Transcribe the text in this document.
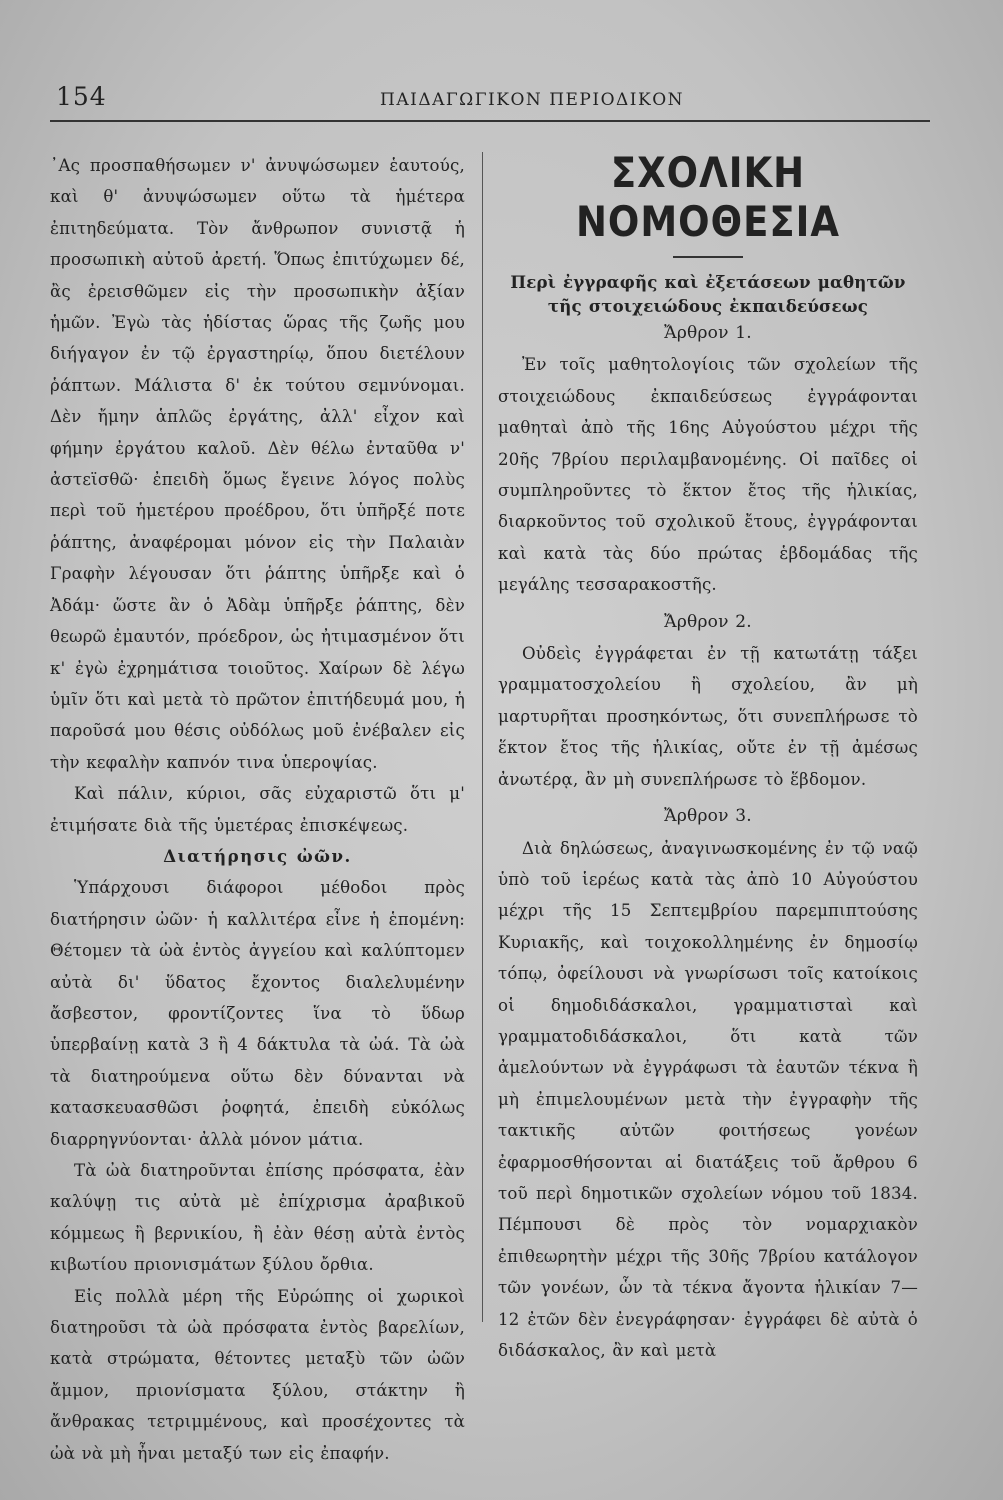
154	ΠΑΙΔΑΓΩΓΙΚΟΝ ΠΕΡΙΟΔΙΚΟΝ

᾿Ας προσπαθήσωμεν ν' ἀνυψώσωμεν ἑαυτούς, καὶ θ' ἀνυψώσωμεν οὕτω τὰ ἡμέτερα ἐπιτηδεύματα. Τὸν ἄνθρωπον συνιστᾷ ἡ προσωπικὴ αὐτοῦ ἀρετή. Ὅπως ἐπιτύχωμεν δέ, ἂς ἐρεισθῶμεν εἰς τὴν προσωπικὴν ἀξίαν ἡμῶν. Ἐγὼ τὰς ἡδίστας ὥρας τῆς ζωῆς μου διήγαγον ἐν τῷ ἐργαστηρίῳ, ὅπου διετέλουν ῥάπτων. Μάλιστα δ' ἐκ τούτου σεμνύνομαι. Δὲν ἤμην ἁπλῶς ἐργάτης, ἀλλ' εἶχον καὶ φήμην ἐργάτου καλοῦ. Δὲν θέλω ἐνταῦθα ν' ἀστεϊσθῶ· ἐπειδὴ ὅμως ἔγεινε λόγος πολὺς περὶ τοῦ ἡμετέρου προέδρου, ὅτι ὑπῆρξέ ποτε ῥάπτης, ἀναφέρομαι μόνον εἰς τὴν Παλαιὰν Γραφὴν λέγουσαν ὅτι ῥάπτης ὑπῆρξε καὶ ὁ Ἀδάμ· ὥστε ἂν ὁ Ἀδὰμ ὑπῆρξε ῥάπτης, δὲν θεωρῶ ἐμαυτόν, πρόεδρον, ὡς ἠτιμασμένον ὅτι κ' ἐγὼ ἐχρημάτισα τοιοῦτος. Χαίρων δὲ λέγω ὑμῖν ὅτι καὶ μετὰ τὸ πρῶτον ἐπιτήδευμά μου, ἡ παροῦσά μου θέσις οὐδόλως μοῦ ἐνέβαλεν εἰς τὴν κεφαλὴν καπνόν τινα ὑπεροψίας.

Καὶ πάλιν, κύριοι, σᾶς εὐχαριστῶ ὅτι μ' ἐτιμήσατε διὰ τῆς ὑμετέρας ἐπισκέψεως.

Διατήρησις ὠῶν.

Ὑπάρχουσι διάφοροι μέθοδοι πρὸς διατήρησιν ὠῶν· ἡ καλλιτέρα εἶνε ἡ ἑπομένη: Θέτομεν τὰ ὠὰ ἐντὸς ἀγγείου καὶ καλύπτομεν αὐτὰ δι' ὕδατος ἔχοντος διαλελυμένην ἄσβεστον, φροντίζοντες ἵνα τὸ ὕδωρ ὑπερβαίνῃ κατὰ 3 ἢ 4 δάκτυλα τὰ ὠά. Τὰ ὠὰ τὰ διατηρούμενα οὕτω δὲν δύνανται νὰ κατασκευασθῶσι ῥοφητά, ἐπειδὴ εὐκόλως διαρρηγνύονται· ἀλλὰ μόνον μάτια.

Τὰ ὠὰ διατηροῦνται ἐπίσης πρόσφατα, ἐὰν καλύψῃ τις αὐτὰ μὲ ἐπίχρισμα ἀραβικοῦ κόμμεως ἢ βερνικίου, ἢ ἐὰν θέσῃ αὐτὰ ἐντὸς κιβωτίου πριονισμάτων ξύλου ὄρθια.

Εἰς πολλὰ μέρη τῆς Εὐρώπης οἱ χωρικοὶ διατηροῦσι τὰ ὠὰ πρόσφατα ἐντὸς βαρελίων, κατὰ στρώματα, θέτοντες μεταξὺ τῶν ὠῶν ἄμμον, πριονίσματα ξύλου, στάκτην ἢ ἄνθρακας τετριμμένους, καὶ προσέχοντες τὰ ὠὰ νὰ μὴ ἦναι μεταξύ των εἰς ἐπαφήν.

ΣΧΟΛΙΚΗ ΝΟΜΟΘΕΣΙΑ

Περὶ ἐγγραφῆς καὶ ἐξετάσεων μαθητῶν τῆς στοιχειώδους ἐκπαιδεύσεως

Ἄρθρον 1.

Ἐν τοῖς μαθητολογίοις τῶν σχολείων τῆς στοιχειώδους ἐκπαιδεύσεως ἐγγράφονται μαθηταὶ ἀπὸ τῆς 16ης Αὐγούστου μέχρι τῆς 20ῆς 7βρίου περιλαμβανομένης. Οἱ παῖδες οἱ συμπληροῦντες τὸ ἕκτον ἔτος τῆς ἡλικίας, διαρκοῦντος τοῦ σχολικοῦ ἔτους, ἐγγράφονται καὶ κατὰ τὰς δύο πρώτας ἑβδομάδας τῆς μεγάλης τεσσαρακοστῆς.

Ἄρθρον 2.

Οὐδεὶς ἐγγράφεται ἐν τῇ κατωτάτῃ τάξει γραμματοσχολείου ἢ σχολείου, ἂν μὴ μαρτυρῆται προσηκόντως, ὅτι συνεπλήρωσε τὸ ἕκτον ἔτος τῆς ἡλικίας, οὔτε ἐν τῇ ἀμέσως ἀνωτέρᾳ, ἂν μὴ συνεπλήρωσε τὸ ἕβδομον.

Ἄρθρον 3.

Διὰ δηλώσεως, ἀναγινωσκομένης ἐν τῷ ναῷ ὑπὸ τοῦ ἱερέως κατὰ τὰς ἀπὸ 10 Αὐγούστου μέχρι τῆς 15 Σεπτεμβρίου παρεμπιπτούσης Κυριακῆς, καὶ τοιχοκολλημένης ἐν δημοσίῳ τόπῳ, ὀφείλουσι νὰ γνωρίσωσι τοῖς κατοίκοις οἱ δημοδιδάσκαλοι, γραμματισταὶ καὶ γραμματοδιδάσκαλοι, ὅτι κατὰ τῶν ἀμελούντων νὰ ἐγγράφωσι τὰ ἑαυτῶν τέκνα ἢ μὴ ἐπιμελουμένων μετὰ τὴν ἐγγραφὴν τῆς τακτικῆς αὐτῶν φοιτήσεως γονέων ἐφαρμοσθήσονται αἱ διατάξεις τοῦ ἄρθρου 6 τοῦ περὶ δημοτικῶν σχολείων νόμου τοῦ 1834. Πέμπουσι δὲ πρὸς τὸν νομαρχιακὸν ἐπιθεωρητὴν μέχρι τῆς 30ῆς 7βρίου κατάλογον τῶν γονέων, ὧν τὰ τέκνα ἄγοντα ἡλικίαν 7—12 ἐτῶν δὲν ἐνεγράφησαν· ἐγγράφει δὲ αὐτὰ ὁ διδάσκαλος, ἂν καὶ μετὰ
